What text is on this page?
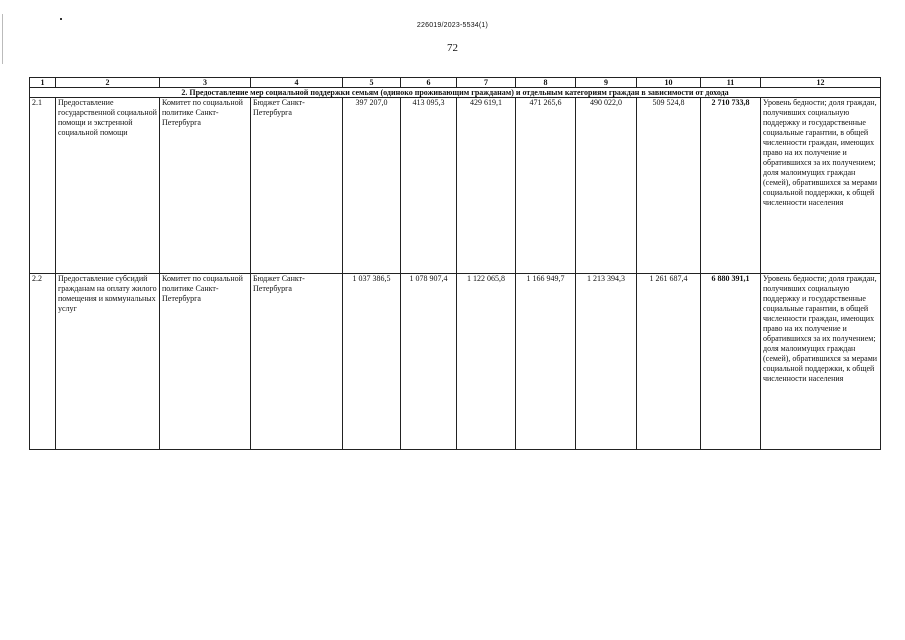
226019/2023-5534(1)
72
1	2	3	4	5	6	7	8	9	10	11	12
2. Предоставление мер социальной поддержки семьям (одиноко проживающим гражданам) и отдельным категориям граждан в зависимости от дохода											
2.1	Предоставление государственной социальной помощи и экстренной социальной помощи	Комитет по социальной политике Санкт-Петербурга	Бюджет Санкт-Петербурга	397 207,0	413 095,3	429 619,1	471 265,6	490 022,0	509 524,8	2 710 733,8	Уровень бедности; доля граждан, получивших социальную поддержку и государственные социальные гарантии, в общей численности граждан, имеющих право на их получение и обратившихся за их получением; доля малоимущих граждан (семей), обратившихся за мерами социальной поддержки, к общей численности населения
2.2	Предоставление субсидий гражданам на оплату жилого помещения и коммунальных услуг	Комитет по социальной политике Санкт-Петербурга	Бюджет Санкт-Петербурга	1 037 386,5	1 078 907,4	1 122 065,8	1 166 949,7	1 213 394,3	1 261 687,4	6 880 391,1	Уровень бедности; доля граждан, получивших социальную поддержку и государственные социальные гарантии, в общей численности граждан, имеющих право на их получение и обратившихся за их получением; доля малоимущих граждан (семей), обратившихся за мерами социальной поддержки, к общей численности населения
